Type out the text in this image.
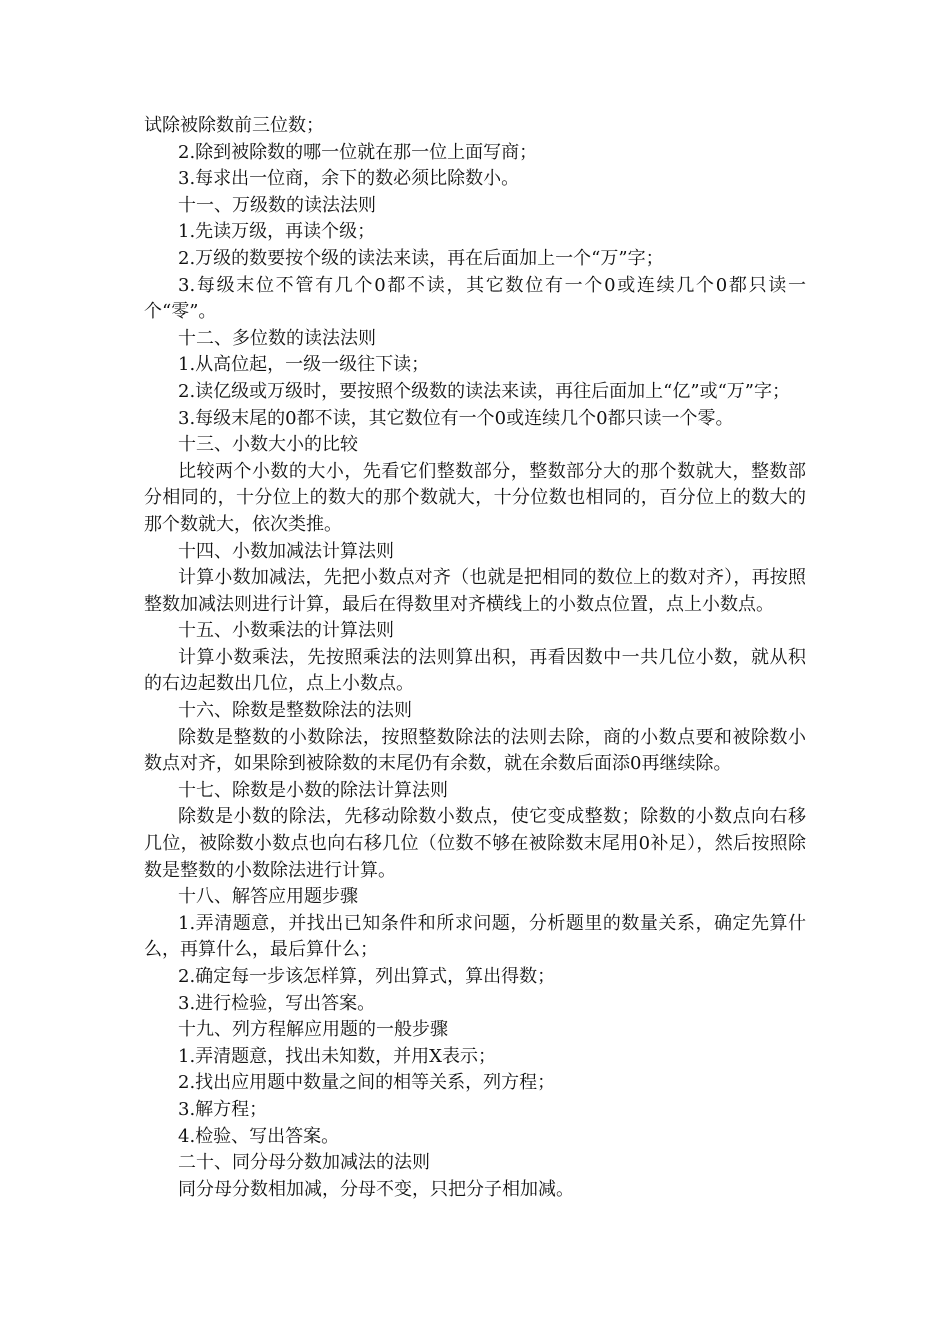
试除被除数前三位数；

2.除到被除数的哪一位就在那一位上面写商；

3.每求出一位商，余下的数必须比除数小。

十一、万级数的读法法则

1.先读万级，再读个级；

2.万级的数要按个级的读法来读，再在后面加上一个“万”字；

3.每级末位不管有几个0都不读，其它数位有一个0或连续几个0都只读一个“零”。

十二、多位数的读法法则

1.从高位起，一级一级往下读；

2.读亿级或万级时，要按照个级数的读法来读，再往后面加上“亿”或“万”字；

3.每级末尾的0都不读，其它数位有一个0或连续几个0都只读一个零。

十三、小数大小的比较

比较两个小数的大小，先看它们整数部分，整数部分大的那个数就大，整数部分相同的，十分位上的数大的那个数就大，十分位数也相同的，百分位上的数大的那个数就大，依次类推。

十四、小数加减法计算法则

计算小数加减法，先把小数点对齐（也就是把相同的数位上的数对齐），再按照整数加减法则进行计算，最后在得数里对齐横线上的小数点位置，点上小数点。

十五、小数乘法的计算法则

计算小数乘法，先按照乘法的法则算出积，再看因数中一共几位小数，就从积的右边起数出几位，点上小数点。

十六、除数是整数除法的法则

除数是整数的小数除法，按照整数除法的法则去除，商的小数点要和被除数小数点对齐，如果除到被除数的末尾仍有余数，就在余数后面添0再继续除。

十七、除数是小数的除法计算法则

除数是小数的除法，先移动除数小数点，使它变成整数；除数的小数点向右移几位，被除数小数点也向右移几位（位数不够在被除数末尾用0补足），然后按照除数是整数的小数除法进行计算。

十八、解答应用题步骤

1.弄清题意，并找出已知条件和所求问题，分析题里的数量关系，确定先算什么，再算什么，最后算什么；

2.确定每一步该怎样算，列出算式，算出得数；

3.进行检验，写出答案。

十九、列方程解应用题的一般步骤

1.弄清题意，找出未知数，并用X表示；

2.找出应用题中数量之间的相等关系，列方程；

3.解方程；

4.检验、写出答案。

二十、同分母分数加减法的法则

同分母分数相加减，分母不变，只把分子相加减。
